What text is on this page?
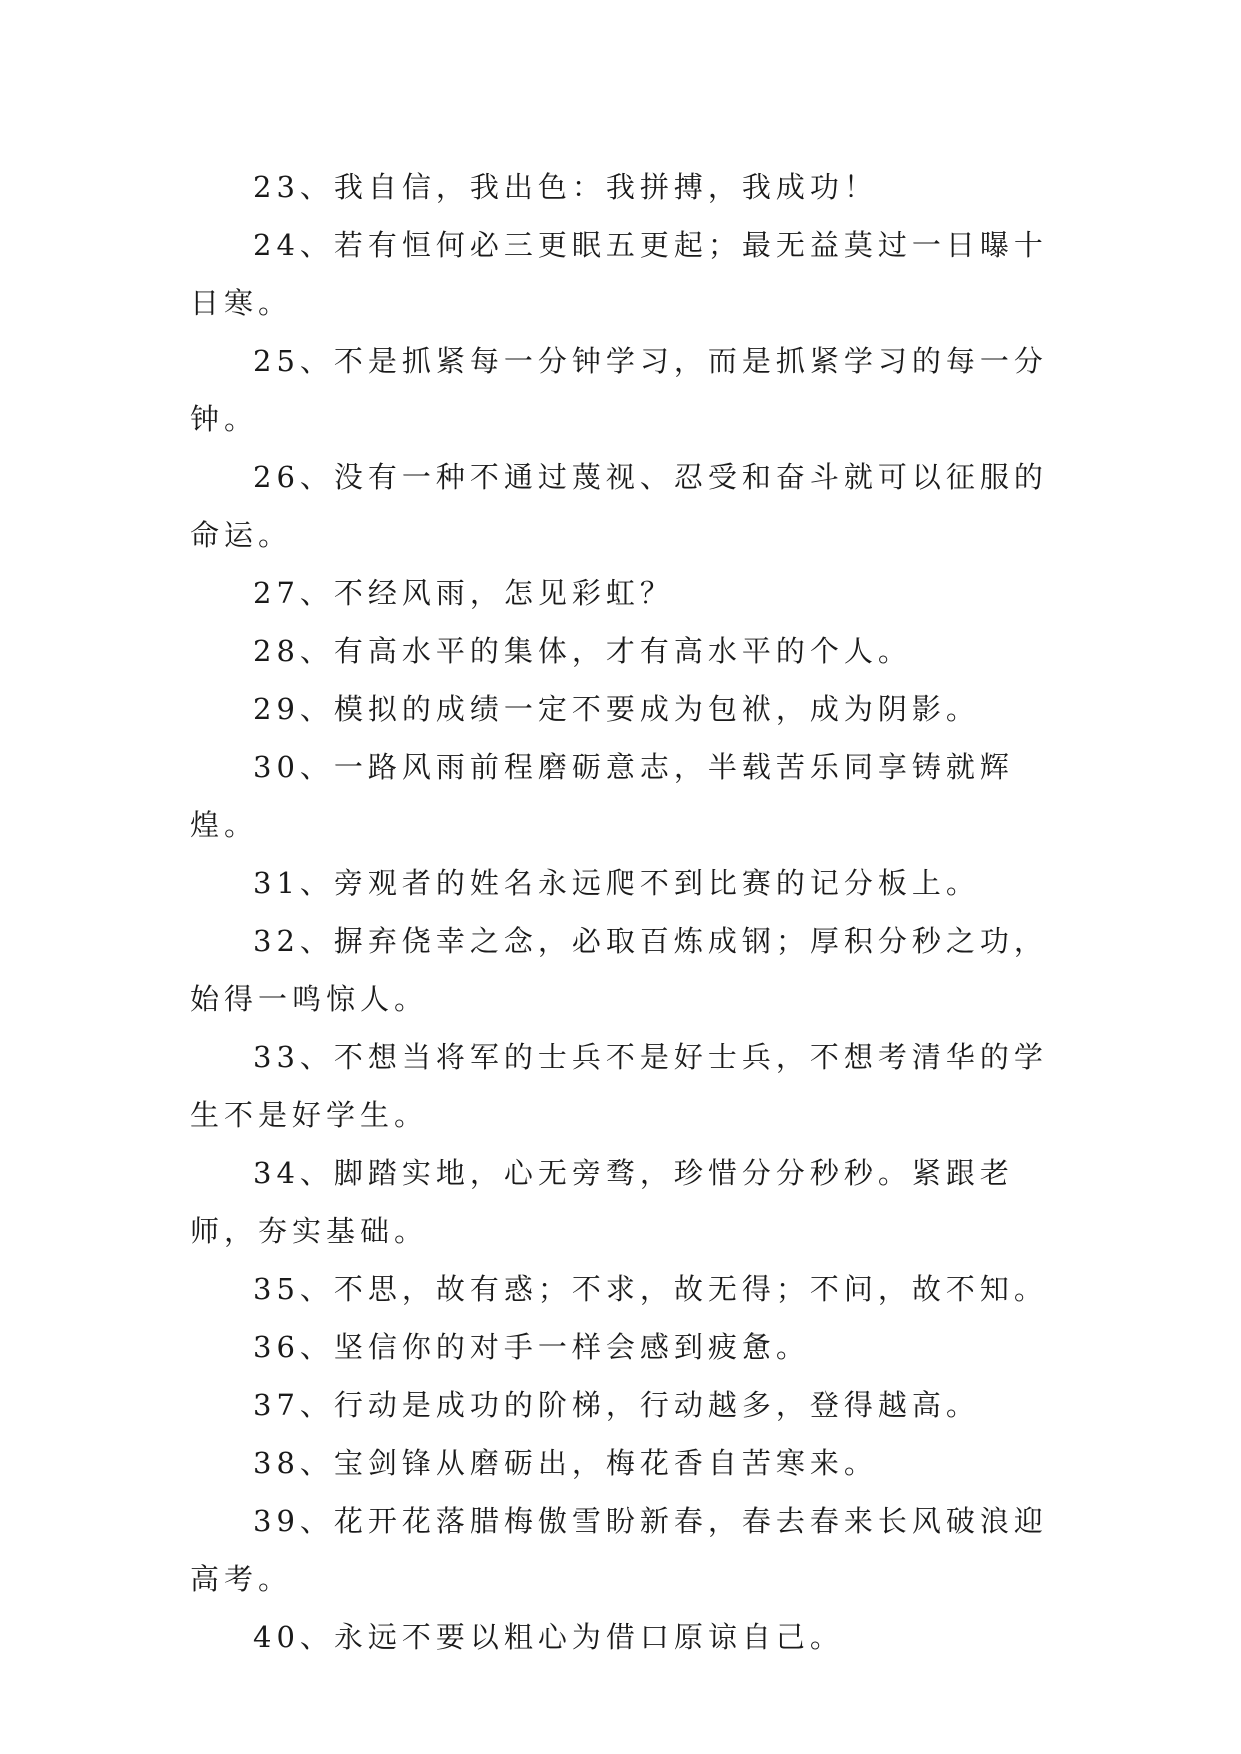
23、我自信，我出色：我拼搏，我成功！

24、若有恒何必三更眠五更起；最无益莫过一日曝十日寒。

25、不是抓紧每一分钟学习，而是抓紧学习的每一分钟。

26、没有一种不通过蔑视、忍受和奋斗就可以征服的命运。

27、不经风雨，怎见彩虹？

28、有高水平的集体，才有高水平的个人。

29、模拟的成绩一定不要成为包袱，成为阴影。

30、一路风雨前程磨砺意志，半载苦乐同享铸就辉煌。

31、旁观者的姓名永远爬不到比赛的记分板上。

32、摒弃侥幸之念，必取百炼成钢；厚积分秒之功，始得一鸣惊人。

33、不想当将军的士兵不是好士兵，不想考清华的学生不是好学生。

34、脚踏实地，心无旁骛，珍惜分分秒秒。紧跟老师，夯实基础。

35、不思，故有惑；不求，故无得；不问，故不知。

36、坚信你的对手一样会感到疲惫。

37、行动是成功的阶梯，行动越多，登得越高。

38、宝剑锋从磨砺出，梅花香自苦寒来。

39、花开花落腊梅傲雪盼新春，春去春来长风破浪迎高考。

40、永远不要以粗心为借口原谅自己。
